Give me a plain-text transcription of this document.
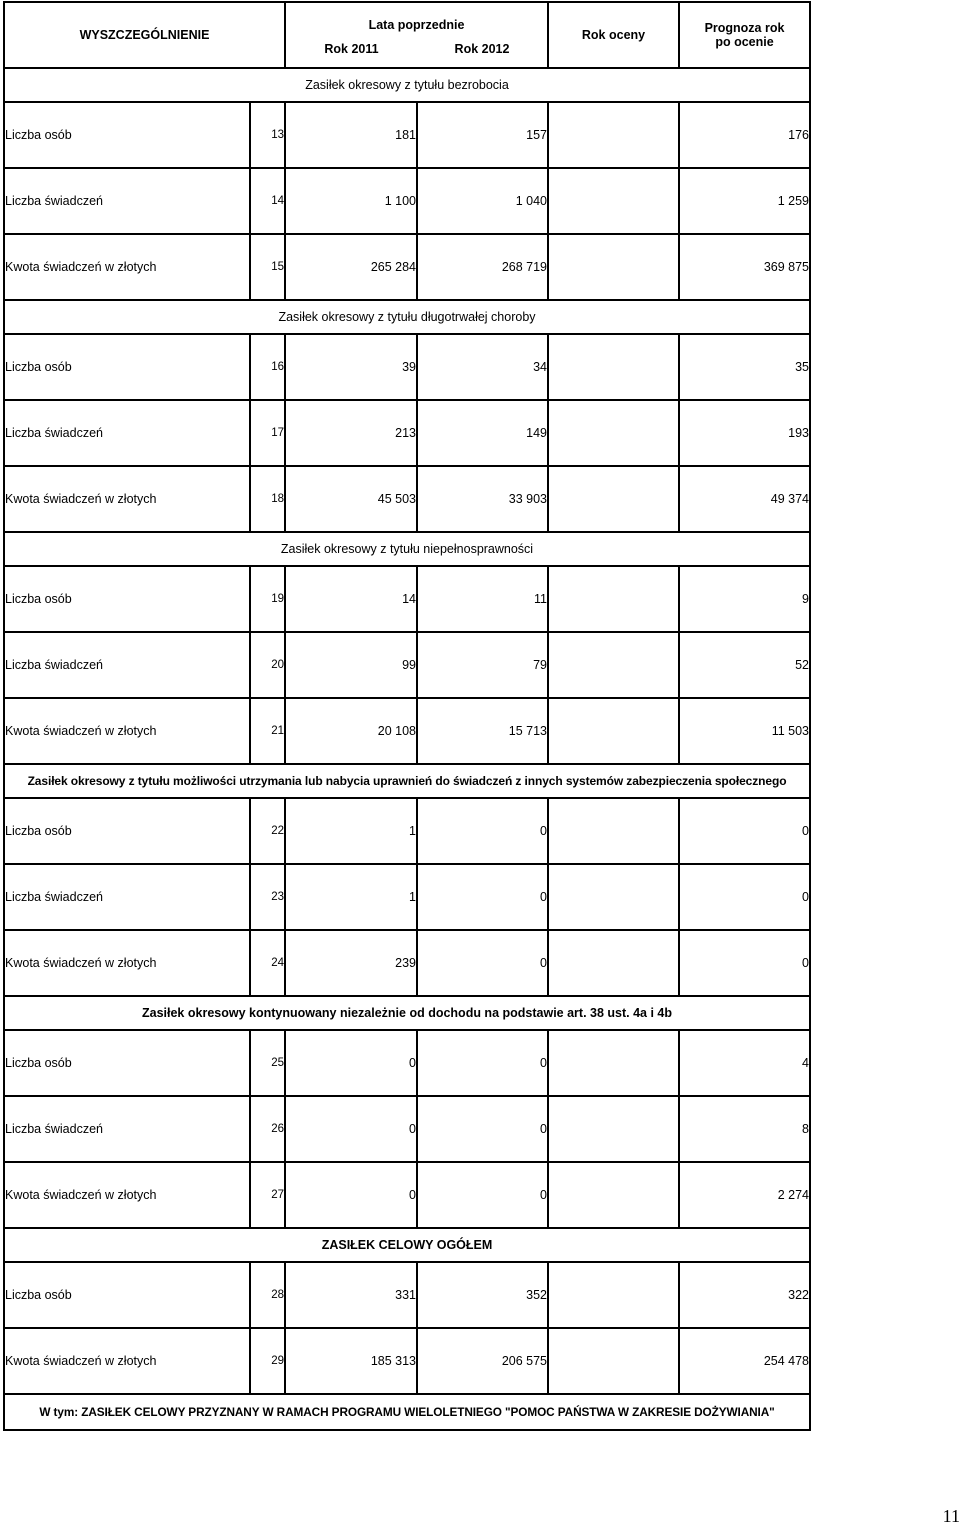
WYSZCZEGÓLNIENIE		Lata poprzednie		Rok oceny	Prognoza rok
po ocenie
		Rok 2011	Rok 2012		
Zasiłek okresowy z tytułu bezrobocia					
Liczba osób	13	181	157		176
Liczba świadczeń	14	1 100	1 040		1 259
Kwota świadczeń w złotych	15	265 284	268 719		369 875
Zasiłek okresowy z tytułu długotrwałej choroby					
Liczba osób	16	39	34		35
Liczba świadczeń	17	213	149		193
Kwota świadczeń w złotych	18	45 503	33 903		49 374
Zasiłek okresowy z tytułu niepełnosprawności					
Liczba osób	19	14	11		9
Liczba świadczeń	20	99	79		52
Kwota świadczeń w złotych	21	20 108	15 713		11 503
Zasiłek okresowy z tytułu możliwości utrzymania lub nabycia uprawnień do świadczeń z innych systemów zabezpieczenia społecznego					
Liczba osób	22	1	0		0
Liczba świadczeń	23	1	0		0
Kwota świadczeń w złotych	24	239	0		0
Zasiłek okresowy kontynuowany niezależnie od dochodu na podstawie art. 38 ust. 4a i 4b					
Liczba osób	25	0	0		4
Liczba świadczeń	26	0	0		8
Kwota świadczeń w złotych	27	0	0		2 274
ZASIŁEK CELOWY OGÓŁEM					
Liczba osób	28	331	352		322
Kwota świadczeń w złotych	29	185 313	206 575		254 478
W tym: ZASIŁEK CELOWY PRZYZNANY W RAMACH PROGRAMU WIELOLETNIEGO "POMOC PAŃSTWA W ZAKRESIE DOŻYWIANIA"					
11
